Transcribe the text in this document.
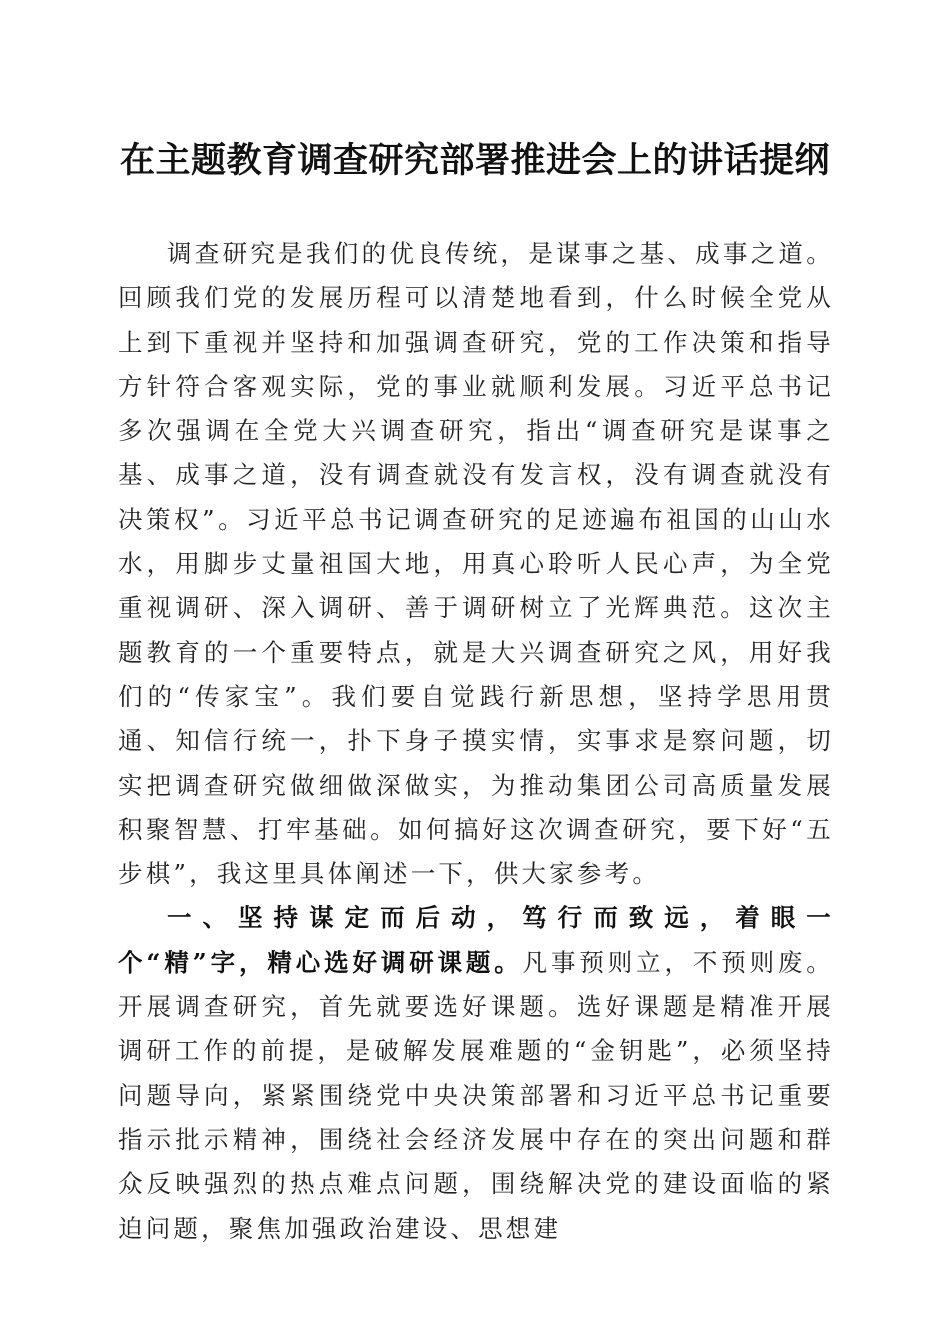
在主题教育调查研究部署推进会上的讲话提纲

调查研究是我们的优良传统，是谋事之基、成事之道。回顾我们党的发展历程可以清楚地看到，什么时候全党从上到下重视并坚持和加强调查研究，党的工作决策和指导方针符合客观实际，党的事业就顺利发展。习近平总书记多次强调在全党大兴调查研究，指出“调查研究是谋事之基、成事之道，没有调查就没有发言权，没有调查就没有决策权”。习近平总书记调查研究的足迹遍布祖国的山山水水，用脚步丈量祖国大地，用真心聆听人民心声，为全党重视调研、深入调研、善于调研树立了光辉典范。这次主题教育的一个重要特点，就是大兴调查研究之风，用好我们的“传家宝”。我们要自觉践行新思想，坚持学思用贯通、知信行统一，扑下身子摸实情，实事求是察问题，切实把调查研究做细做深做实，为推动集团公司高质量发展积聚智慧、打牢基础。如何搞好这次调查研究，要下好“五步棋”，我这里具体阐述一下，供大家参考。

一、坚持谋定而后动，笃行而致远，着眼一个“精”字，精心选好调研课题。凡事预则立，不预则废。开展调查研究，首先就要选好课题。选好课题是精准开展调研工作的前提，是破解发展难题的“金钥匙”，必须坚持问题导向，紧紧围绕党中央决策部署和习近平总书记重要指示批示精神，围绕社会经济发展中存在的突出问题和群众反映强烈的热点难点问题，围绕解决党的建设面临的紧迫问题，聚焦加强政治建设、思想建
